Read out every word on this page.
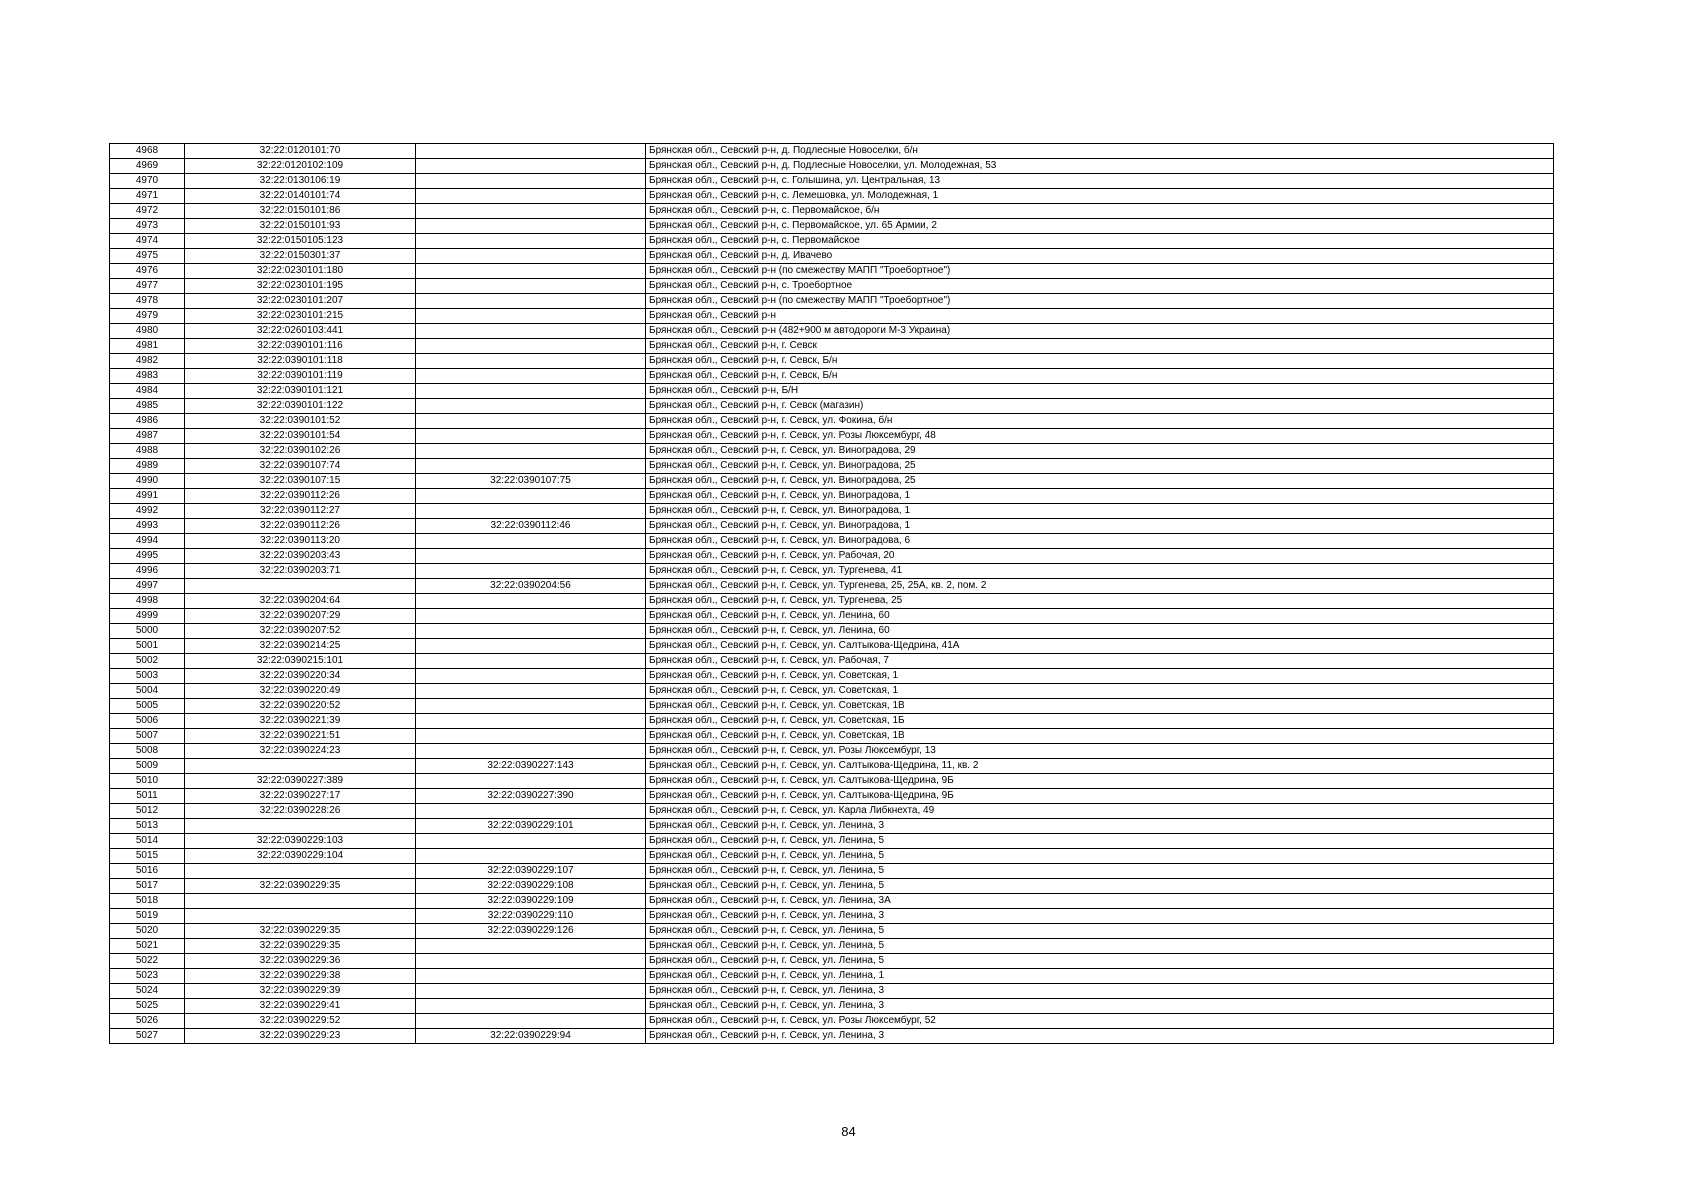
4968	32:22:0120101:70		Брянская обл., Севский р-н, д. Подлесные Новоселки, б/н
4969	32:22:0120102:109		Брянская обл., Севский р-н, д. Подлесные Новоселки, ул. Молодежная, 53
4970	32:22:0130106:19		Брянская обл., Севский р-н, с. Голышина, ул. Центральная, 13
4971	32:22:0140101:74		Брянская обл., Севский р-н, с. Лемешовка, ул. Молодежная, 1
4972	32:22:0150101:86		Брянская обл., Севский р-н, с. Первомайское, б/н
4973	32:22:0150101:93		Брянская обл., Севский р-н, с. Первомайское, ул. 65 Армии, 2
4974	32:22:0150105:123		Брянская обл., Севский р-н, с. Первомайское
4975	32:22:0150301:37		Брянская обл., Севский р-н, д. Ивачево
4976	32:22:0230101:180		Брянская обл., Севский р-н (по смежеству МАПП "Троебортное")
4977	32:22:0230101:195		Брянская обл., Севский р-н, с. Троебортное
4978	32:22:0230101:207		Брянская обл., Севский р-н (по смежеству МАПП "Троебортное")
4979	32:22:0230101:215		Брянская обл., Севский р-н
4980	32:22:0260103:441		Брянская обл., Севский р-н (482+900 м автодороги М-3 Украина)
4981	32:22:0390101:116		Брянская обл., Севский р-н, г. Севск
4982	32:22:0390101:118		Брянская обл., Севский р-н, г. Севск, Б/н
4983	32:22:0390101:119		Брянская обл., Севский р-н, г. Севск, Б/н
4984	32:22:0390101:121		Брянская обл., Севский р-н, Б/Н
4985	32:22:0390101:122		Брянская обл., Севский р-н, г. Севск (магазин)
4986	32:22:0390101:52		Брянская обл., Севский р-н, г. Севск, ул. Фокина, б/н
4987	32:22:0390101:54		Брянская обл., Севский р-н, г. Севск, ул. Розы Люксембург, 48
4988	32:22:0390102:26		Брянская обл., Севский р-н, г. Севск, ул. Виноградова, 29
4989	32:22:0390107:74		Брянская обл., Севский р-н, г. Севск, ул. Виноградова, 25
4990	32:22:0390107:15	32:22:0390107:75	Брянская обл., Севский р-н, г. Севск, ул. Виноградова, 25
4991	32:22:0390112:26		Брянская обл., Севский р-н, г. Севск, ул. Виноградова, 1
4992	32:22:0390112:27		Брянская обл., Севский р-н, г. Севск, ул. Виноградова, 1
4993	32:22:0390112:26	32:22:0390112:46	Брянская обл., Севский р-н, г. Севск, ул. Виноградова, 1
4994	32:22:0390113:20		Брянская обл., Севский р-н, г. Севск, ул. Виноградова, 6
4995	32:22:0390203:43		Брянская обл., Севский р-н, г. Севск, ул. Рабочая, 20
4996	32:22:0390203:71		Брянская обл., Севский р-н, г. Севск, ул. Тургенева, 41
4997		32:22:0390204:56	Брянская обл., Севский р-н, г. Севск, ул. Тургенева, 25, 25А, кв. 2, пом. 2
4998	32:22:0390204:64		Брянская обл., Севский р-н, г. Севск, ул. Тургенева, 25
4999	32:22:0390207:29		Брянская обл., Севский р-н, г. Севск, ул. Ленина, 60
5000	32:22:0390207:52		Брянская обл., Севский р-н, г. Севск, ул. Ленина, 60
5001	32:22:0390214:25		Брянская обл., Севский р-н, г. Севск, ул. Салтыкова-Щедрина, 41А
5002	32:22:0390215:101		Брянская обл., Севский р-н, г. Севск, ул. Рабочая, 7
5003	32:22:0390220:34		Брянская обл., Севский р-н, г. Севск, ул. Советская, 1
5004	32:22:0390220:49		Брянская обл., Севский р-н, г. Севск, ул. Советская, 1
5005	32:22:0390220:52		Брянская обл., Севский р-н, г. Севск, ул. Советская, 1В
5006	32:22:0390221:39		Брянская обл., Севский р-н, г. Севск, ул. Советская, 1Б
5007	32:22:0390221:51		Брянская обл., Севский р-н, г. Севск, ул. Советская, 1В
5008	32:22:0390224:23		Брянская обл., Севский р-н, г. Севск, ул. Розы Люксембург, 13
5009		32:22:0390227:143	Брянская обл., Севский р-н, г. Севск, ул. Салтыкова-Щедрина, 11, кв. 2
5010	32:22:0390227:389		Брянская обл., Севский р-н, г. Севск, ул. Салтыкова-Щедрина, 9Б
5011	32:22:0390227:17	32:22:0390227:390	Брянская обл., Севский р-н, г. Севск, ул. Салтыкова-Щедрина, 9Б
5012	32:22:0390228:26		Брянская обл., Севский р-н, г. Севск, ул. Карла Либкнехта, 49
5013		32:22:0390229:101	Брянская обл., Севский р-н, г. Севск, ул. Ленина, 3
5014	32:22:0390229:103		Брянская обл., Севский р-н, г. Севск, ул. Ленина, 5
5015	32:22:0390229:104		Брянская обл., Севский р-н, г. Севск, ул. Ленина, 5
5016		32:22:0390229:107	Брянская обл., Севский р-н, г. Севск, ул. Ленина, 5
5017	32:22:0390229:35	32:22:0390229:108	Брянская обл., Севский р-н, г. Севск, ул. Ленина, 5
5018		32:22:0390229:109	Брянская обл., Севский р-н, г. Севск, ул. Ленина, 3А
5019		32:22:0390229:110	Брянская обл., Севский р-н, г. Севск, ул. Ленина, 3
5020	32:22:0390229:35	32:22:0390229:126	Брянская обл., Севский р-н, г. Севск, ул. Ленина, 5
5021	32:22:0390229:35		Брянская обл., Севский р-н, г. Севск, ул. Ленина, 5
5022	32:22:0390229:36		Брянская обл., Севский р-н, г. Севск, ул. Ленина, 5
5023	32:22:0390229:38		Брянская обл., Севский р-н, г. Севск, ул. Ленина, 1
5024	32:22:0390229:39		Брянская обл., Севский р-н, г. Севск, ул. Ленина, 3
5025	32:22:0390229:41		Брянская обл., Севский р-н, г. Севск, ул. Ленина, 3
5026	32:22:0390229:52		Брянская обл., Севский р-н, г. Севск, ул. Розы Люксембург, 52
5027	32:22:0390229:23	32:22:0390229:94	Брянская обл., Севский р-н, г. Севск, ул. Ленина, 3
84
